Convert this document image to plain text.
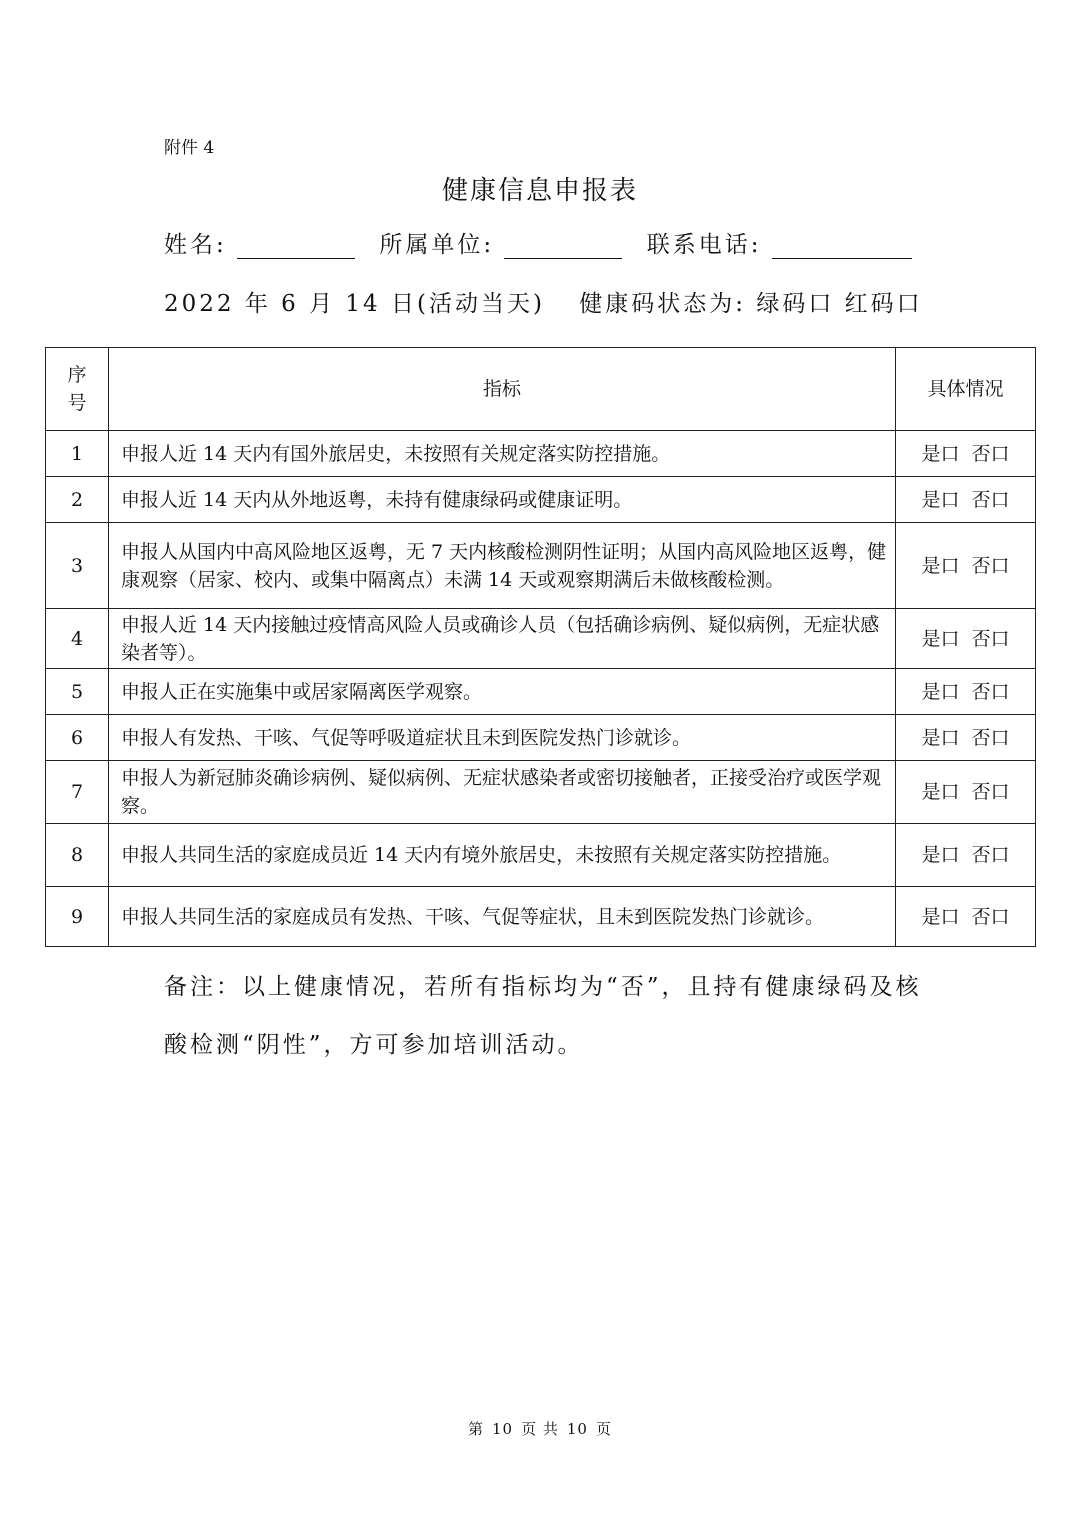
附件 4
健康信息申报表
姓名:	所属单位:	联系电话:
2022 年 6 月 14 日(活动当天) 健康码状态为: 绿码口 红码口
序号	指标	具体情况
1	申报人近 14 天内有国外旅居史，未按照有关规定落实防控措施。	是口 否口
2	申报人近 14 天内从外地返粤，未持有健康绿码或健康证明。	是口 否口
3	申报人从国内中高风险地区返粤，无 7 天内核酸检测阴性证明；从国内高风险地区返粤，健康观察（居家、校内、或集中隔离点）未满 14 天或观察期满后未做核酸检测。	是口 否口
4	申报人近 14 天内接触过疫情高风险人员或确诊人员（包括确诊病例、疑似病例，无症状感染者等）。	是口 否口
5	申报人正在实施集中或居家隔离医学观察。	是口 否口
6	申报人有发热、干咳、气促等呼吸道症状且未到医院发热门诊就诊。	是口 否口
7	申报人为新冠肺炎确诊病例、疑似病例、无症状感染者或密切接触者，正接受治疗或医学观察。	是口 否口
8	申报人共同生活的家庭成员近 14 天内有境外旅居史，未按照有关规定落实防控措施。	是口 否口
9	申报人共同生活的家庭成员有发热、干咳、气促等症状，且未到医院发热门诊就诊。	是口 否口
备注：以上健康情况，若所有指标均为“否”，且持有健康绿码及核酸检测“阴性”，方可参加培训活动。
第 10 页 共 10 页
